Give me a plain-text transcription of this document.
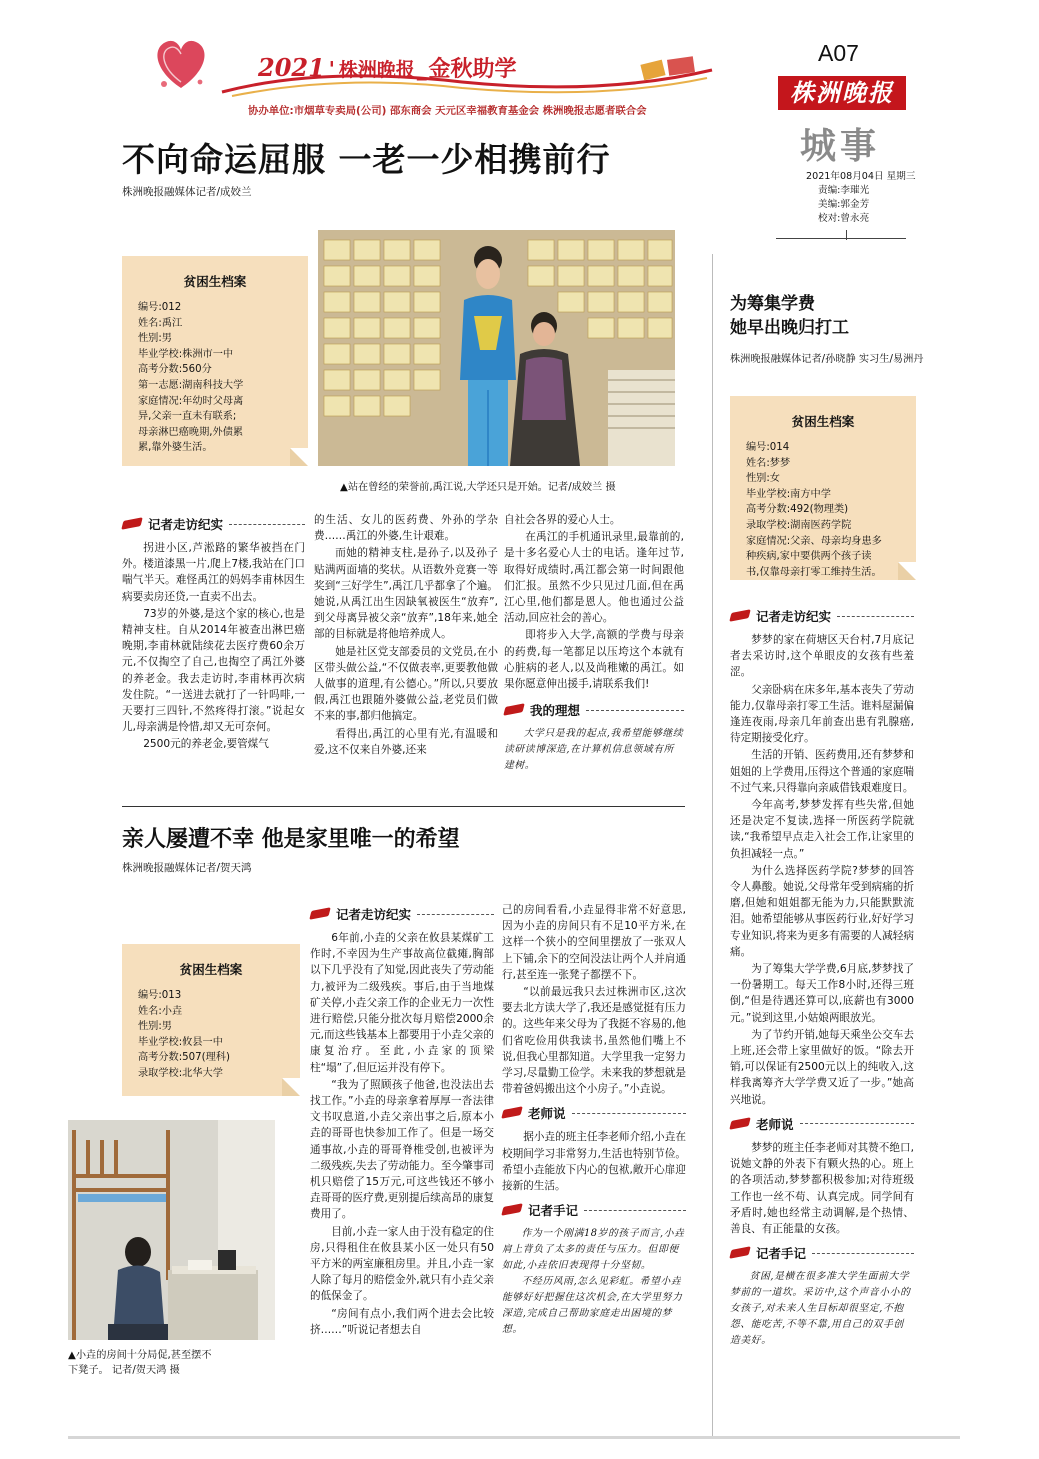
2021 ' 株洲晚报 _ 金秋助学
协办单位:市烟草专卖局(公司) 邵东商会 天元区幸福教育基金会 株洲晚报志愿者联合会
A07
株洲晚报
城事
2021年08月04日 星期三
责编:李璀光
美编:郭金芳
校对:曾永亮
不向命运屈服 一老一少相携前行
株洲晚报融媒体记者/成姣兰
贫困生档案
编号:012
姓名:禹江
性别:男
毕业学校:株洲市一中
高考分数:560分
第一志愿:湖南科技大学
家庭情况:年幼时父母离
异,父亲一直未有联系;
母亲淋巴癌晚期,外债累
累,靠外婆生活。
▲站在曾经的荣誉前,禹江说,大学还只是开始。记者/成姣兰 摄
记者走访纪实

拐进小区,芦淞路的繁华被挡在门外。楼道漆黑一片,爬上7楼,我站在门口喘气半天。难怪禹江的妈妈李甫林因生病要卖房还贷,一直卖不出去。

73岁的外婆,是这个家的核心,也是精神支柱。自从2014年被查出淋巴癌晚期,李甫林就陆续花去医疗费60余万元,不仅掏空了自己,也掏空了禹江外婆的养老金。我去走访时,李甫林再次病发住院。“一送进去就打了一针吗啡,一天要打三四针,不然疼得打滚。”说起女儿,母亲满是怜惜,却又无可奈何。

2500元的养老金,要管煤气

的生活、女儿的医药费、外孙的学杂费……禹江的外婆,生计艰难。

而她的精神支柱,是孙子,以及孙子贴满两面墙的奖状。从语数外竞赛一等奖到“三好学生”,禹江几乎都拿了个遍。她说,从禹江出生因缺氧被医生“放弃”,到父母离异被父亲“放弃”,18年来,她全部的目标就是将他培养成人。

她是社区党支部委员的文党员,在小区带头做公益,“不仅做表率,更要教他做人做事的道理,有公德心。”所以,只要放假,禹江也跟随外婆做公益,老党员们做不来的事,都归他搞定。

看得出,禹江的心里有光,有温暖和爱,这不仅来自外婆,还来

自社会各界的爱心人士。

在禹江的手机通讯录里,最靠前的,是十多名爱心人士的电话。逢年过节,取得好成绩时,禹江都会第一时间跟他们汇报。虽然不少只见过几面,但在禹江心里,他们都是恩人。他也通过公益活动,回应社会的善心。

即将步入大学,高额的学费与母亲的药费,每一笔都足以压垮这个本就有心脏病的老人,以及尚稚嫩的禹江。如果你愿意伸出援手,请联系我们!

我的理想

大学只是我的起点,我希望能够继续读研读博深造,在计算机信息领域有所建树。

亲人屡遭不幸 他是家里唯一的希望
株洲晚报融媒体记者/贺天鸿
贫困生档案
编号:013
姓名:小垚
性别:男
毕业学校:攸县一中
高考分数:507(理科)
录取学校:北华大学
▲小垚的房间十分局促,甚至摆不
下凳子。 记者/贺天鸿 摄
记者走访纪实

6年前,小垚的父亲在攸县某煤矿工作时,不幸因为生产事故高位截瘫,胸部以下几乎没有了知觉,因此丧失了劳动能力,被评为二级残疾。事后,由于当地煤矿关停,小垚父亲工作的企业无力一次性进行赔偿,只能分批次每月赔偿2000余元,而这些钱基本上都要用于小垚父亲的康复治疗。至此,小垚家的顶梁柱“塌”了,但厄运并没有停下。

“我为了照顾孩子他爸,也没法出去找工作。”小垚的母亲拿着厚厚一沓法律文书叹息道,小垚父亲出事之后,原本小垚的哥哥也快参加工作了。但是一场交通事故,小垚的哥哥脊椎受创,也被评为二级残疾,失去了劳动能力。至今肇事司机只赔偿了15万元,可这些钱还不够小垚哥哥的医疗费,更别提后续高昂的康复费用了。

目前,小垚一家人由于没有稳定的住房,只得租住在攸县某小区一处只有50平方米的两室廉租房里。并且,小垚一家人除了每月的赔偿金外,就只有小垚父亲的低保金了。

“房间有点小,我们两个进去会比较挤……”听说记者想去自

己的房间看看,小垚显得非常不好意思,因为小垚的房间只有不足10平方米,在这样一个狭小的空间里摆放了一张双人上下铺,余下的空间没法让两个人并肩通行,甚至连一张凳子都摆不下。

“以前最远我只去过株洲市区,这次要去北方读大学了,我还是感觉挺有压力的。这些年来父母为了我挺不容易的,他们省吃俭用供我读书,虽然他们嘴上不说,但我心里都知道。大学里我一定努力学习,尽量勤工俭学。未来我的梦想就是带着爸妈搬出这个小房子。”小垚说。

老师说

据小垚的班主任李老师介绍,小垚在校期间学习非常努力,生活也特别节俭。希望小垚能放下内心的包袱,敞开心扉迎接新的生活。

记者手记

作为一个刚满18岁的孩子而言,小垚肩上背负了太多的责任与压力。但即便如此,小垚依旧表现得十分坚韧。

不经历风雨,怎么见彩虹。希望小垚能够好好把握住这次机会,在大学里努力深造,完成自己帮助家庭走出困境的梦想。

为筹集学费
她早出晚归打工
株洲晚报融媒体记者/孙晓静 实习生/易洲丹
贫困生档案
编号:014
姓名:梦梦
性别:女
毕业学校:南方中学
高考分数:492(物理类)
录取学校:湖南医药学院
家庭情况:父亲、母亲均身患多
种疾病,家中要供两个孩子读
书,仅靠母亲打零工维持生活。
记者走访纪实

梦梦的家在荷塘区天台村,7月底记者去采访时,这个单眼皮的女孩有些羞涩。

父亲卧病在床多年,基本丧失了劳动能力,仅靠母亲打零工生活。谁料屋漏偏逢连夜雨,母亲几年前查出患有乳腺癌,待定期接受化疗。

生活的开销、医药费用,还有梦梦和姐姐的上学费用,压得这个普通的家庭喘不过气来,只得靠向亲戚借钱艰难度日。

今年高考,梦梦发挥有些失常,但她还是决定不复读,选择一所医药学院就读,“我希望早点走入社会工作,让家里的负担减轻一点。”

为什么选择医药学院?梦梦的回答令人鼻酸。她说,父母常年受到病痛的折磨,但她和姐姐都无能为力,只能默默流泪。她希望能够从事医药行业,好好学习专业知识,将来为更多有需要的人减轻病痛。

为了筹集大学学费,6月底,梦梦找了一份暑期工。每天工作8小时,还得三班倒,“但是待遇还算可以,底薪也有3000元。”说到这里,小姑娘两眼放光。

为了节约开销,她每天乘坐公交车去上班,还会带上家里做好的饭。“除去开销,可以保证有2500元以上的纯收入,这样我离筹齐大学学费又近了一步。”她高兴地说。

老师说

梦梦的班主任李老师对其赞不绝口,说她文静的外表下有颗火热的心。班上的各项活动,梦梦都积极参加;对待班级工作也一丝不苟、认真完成。同学间有矛盾时,她也经常主动调解,是个热情、善良、有正能量的女孩。

记者手记

贫困,是横在很多准大学生面前大学梦前的一道坎。采访中,这个声音小小的女孩子,对未来人生目标却很坚定,不抱怨、能吃苦,不等不靠,用自己的双手创造美好。
